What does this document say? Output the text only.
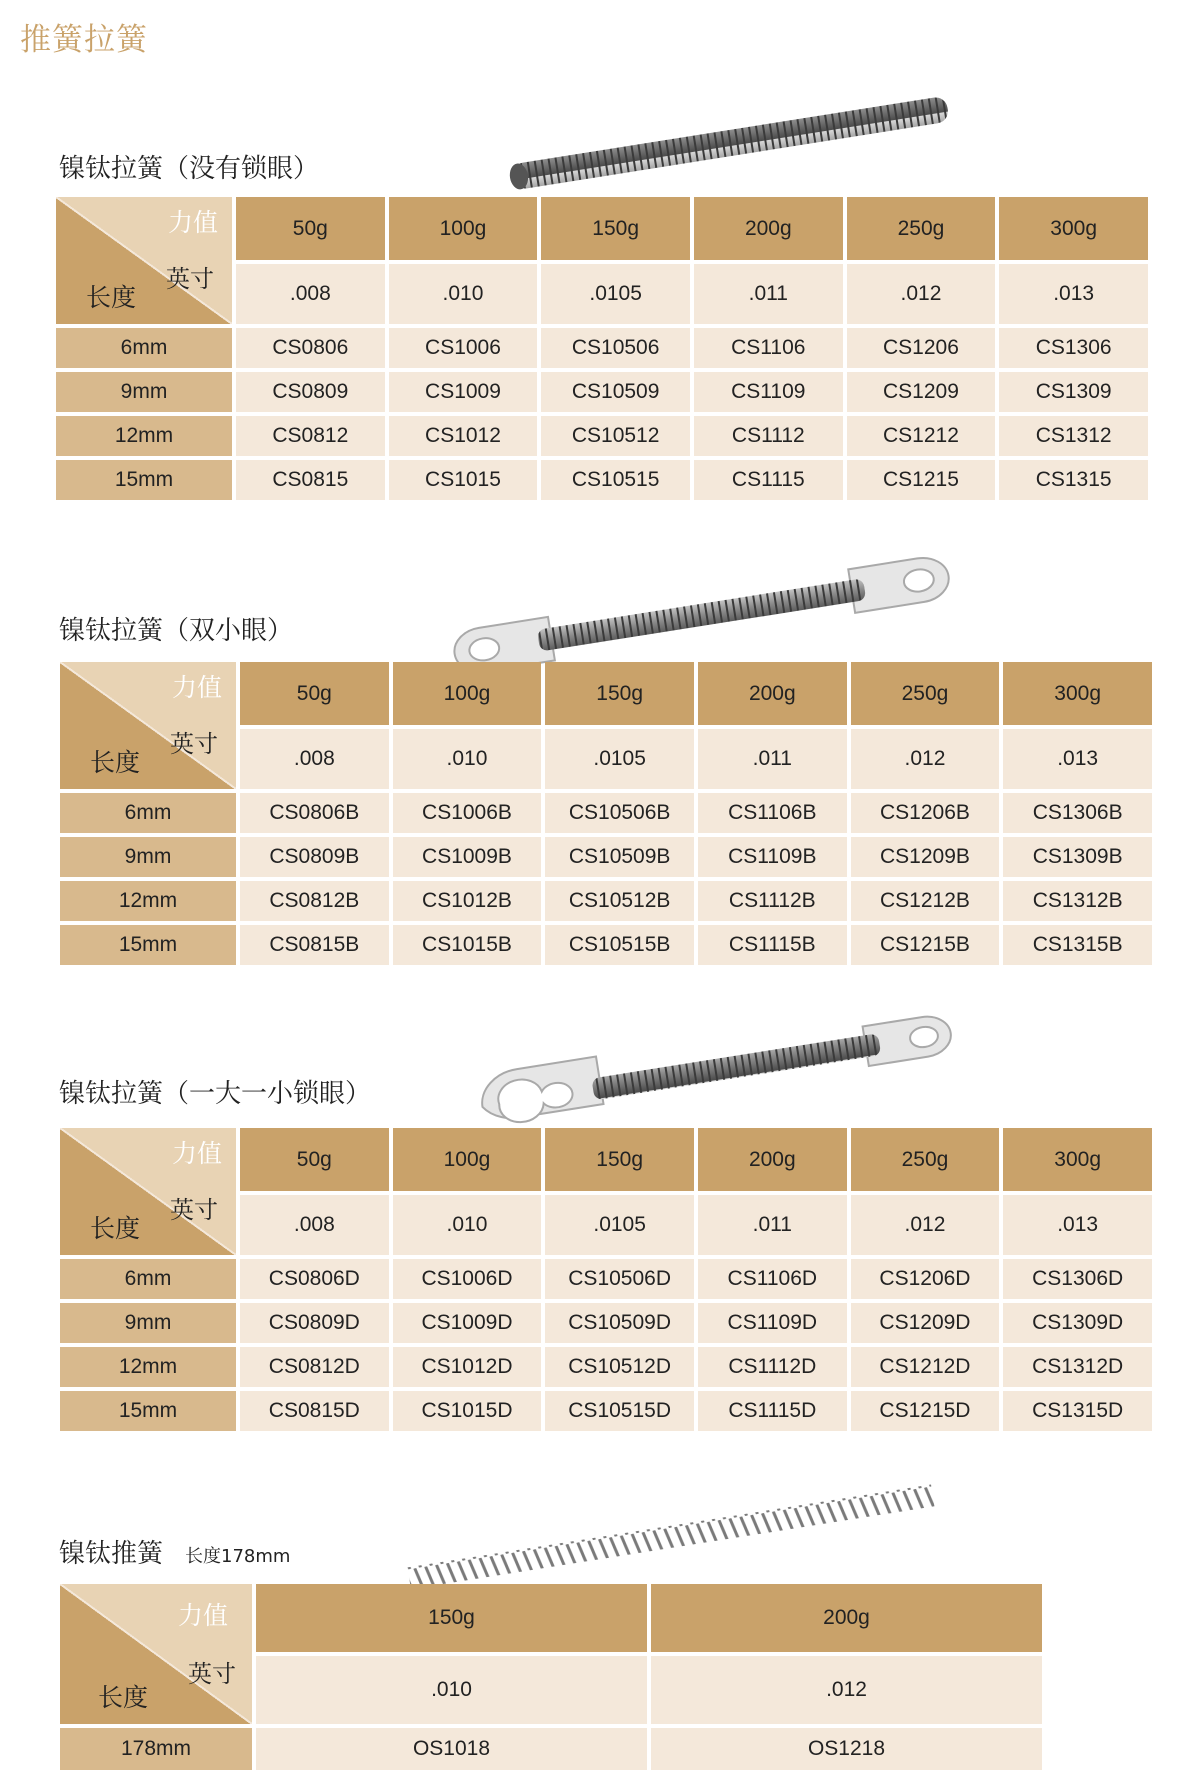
推簧拉簧
镍钛拉簧（没有锁眼）
力值
英寸
长度	50g	100g	150g	200g	250g	300g
	.008	.010	.0105	.011	.012	.013
6mm	CS0806	CS1006	CS10506	CS1106	CS1206	CS1306
9mm	CS0809	CS1009	CS10509	CS1109	CS1209	CS1309
12mm	CS0812	CS1012	CS10512	CS1112	CS1212	CS1312
15mm	CS0815	CS1015	CS10515	CS1115	CS1215	CS1315
镍钛拉簧（双小眼）
力值
英寸
长度	50g	100g	150g	200g	250g	300g
	.008	.010	.0105	.011	.012	.013
6mm	CS0806B	CS1006B	CS10506B	CS1106B	CS1206B	CS1306B
9mm	CS0809B	CS1009B	CS10509B	CS1109B	CS1209B	CS1309B
12mm	CS0812B	CS1012B	CS10512B	CS1112B	CS1212B	CS1312B
15mm	CS0815B	CS1015B	CS10515B	CS1115B	CS1215B	CS1315B
镍钛拉簧（一大一小锁眼）
力值
英寸
长度	50g	100g	150g	200g	250g	300g
	.008	.010	.0105	.011	.012	.013
6mm	CS0806D	CS1006D	CS10506D	CS1106D	CS1206D	CS1306D
9mm	CS0809D	CS1009D	CS10509D	CS1109D	CS1209D	CS1309D
12mm	CS0812D	CS1012D	CS10512D	CS1112D	CS1212D	CS1312D
15mm	CS0815D	CS1015D	CS10515D	CS1115D	CS1215D	CS1315D
镍钛推簧 长度178mm
力值
英寸
长度	150g	200g
	.010	.012
178mm	OS1018	OS1218
